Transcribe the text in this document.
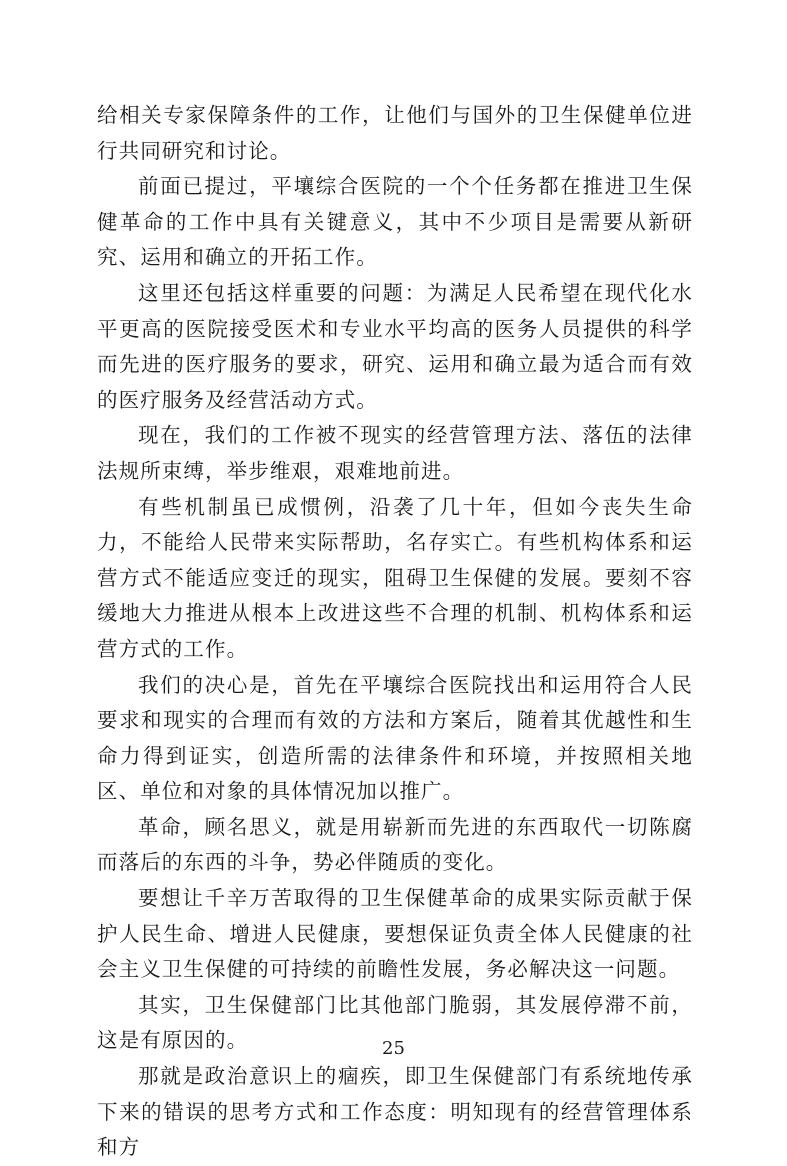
给相关专家保障条件的工作，让他们与国外的卫生保健单位进行共同研究和讨论。

前面已提过，平壤综合医院的一个个任务都在推进卫生保健革命的工作中具有关键意义，其中不少项目是需要从新研究、运用和确立的开拓工作。

这里还包括这样重要的问题：为满足人民希望在现代化水平更高的医院接受医术和专业水平均高的医务人员提供的科学而先进的医疗服务的要求，研究、运用和确立最为适合而有效的医疗服务及经营活动方式。

现在，我们的工作被不现实的经营管理方法、落伍的法律法规所束缚，举步维艰，艰难地前进。

有些机制虽已成惯例，沿袭了几十年，但如今丧失生命力，不能给人民带来实际帮助，名存实亡。有些机构体系和运营方式不能适应变迁的现实，阻碍卫生保健的发展。要刻不容缓地大力推进从根本上改进这些不合理的机制、机构体系和运营方式的工作。

我们的决心是，首先在平壤综合医院找出和运用符合人民要求和现实的合理而有效的方法和方案后，随着其优越性和生命力得到证实，创造所需的法律条件和环境，并按照相关地区、单位和对象的具体情况加以推广。

革命，顾名思义，就是用崭新而先进的东西取代一切陈腐而落后的东西的斗争，势必伴随质的变化。

要想让千辛万苦取得的卫生保健革命的成果实际贡献于保护人民生命、增进人民健康，要想保证负责全体人民健康的社会主义卫生保健的可持续的前瞻性发展，务必解决这一问题。

其实，卫生保健部门比其他部门脆弱，其发展停滞不前，这是有原因的。

那就是政治意识上的痼疾，即卫生保健部门有系统地传承下来的错误的思考方式和工作态度：明知现有的经营管理体系和方

25
